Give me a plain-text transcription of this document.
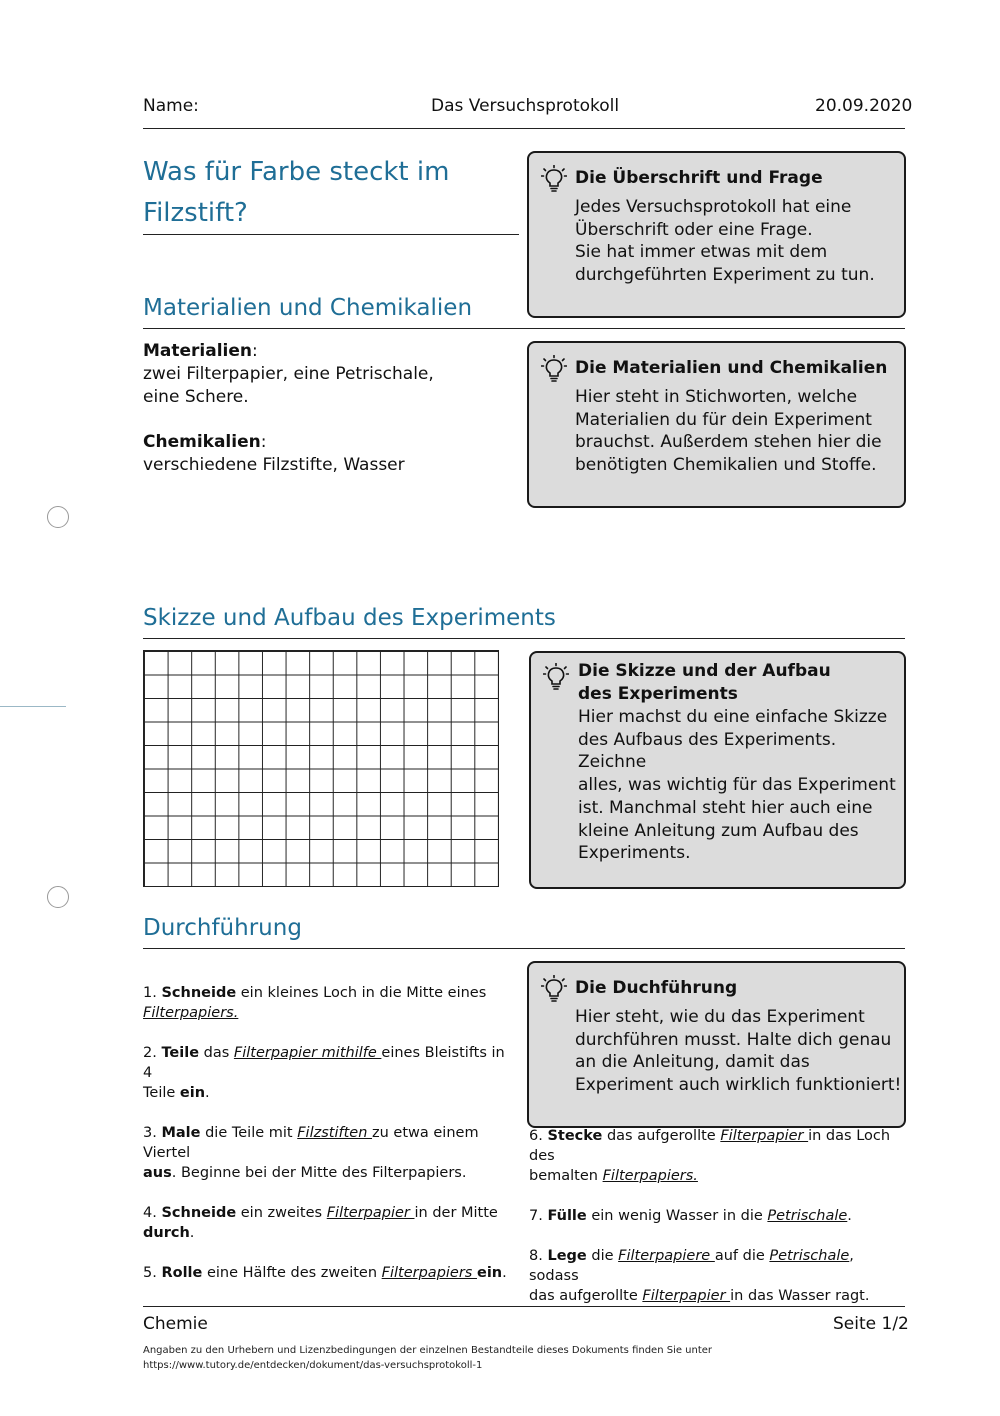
Name:	Das Versuchsprotokoll	20.09.2020
Was für Farbe steckt im Filzstift?
Die Überschrift und Frage
Jedes Versuchsprotokoll hat eine
Überschrift oder eine Frage.
Sie hat immer etwas mit dem
durchgeführten Experiment zu tun.
Materialien und Chemikalien
Materialien:
zwei Filterpapier, eine Petrischale,
eine Schere.
Chemikalien:
verschiedene Filzstifte, Wasser
Die Materialien und Chemikalien
Hier steht in Stichworten, welche
Materialien du für dein Experiment
brauchst. Außerdem stehen hier die
benötigten Chemikalien und Stoffe.
Skizze und Aufbau des Experiments
Die Skizze und der Aufbau
des Experiments
Hier machst du eine einfache Skizze
des Aufbaus des Experiments. Zeichne
alles, was wichtig für das Experiment
ist. Manchmal steht hier auch eine
kleine Anleitung zum Aufbau des
Experiments.
Durchführung
1. Schneide ein kleines Loch in die Mitte eines
Filterpapiers.
2. Teile das Filterpapier mithilfe eines Bleistifts in 4
Teile ein.
3. Male die Teile mit Filzstiften zu etwa einem Viertel
aus. Beginne bei der Mitte des Filterpapiers.
4. Schneide ein zweites Filterpapier in der Mitte
durch.
5. Rolle eine Hälfte des zweiten Filterpapiers ein.
Die Duchführung
Hier steht, wie du das Experiment
durchführen musst. Halte dich genau
an die Anleitung, damit das
Experiment auch wirklich funktioniert!
6. Stecke das aufgerollte Filterpapier in das Loch des
bemalten Filterpapiers.
7. Fülle ein wenig Wasser in die Petrischale.
8. Lege die Filterpapiere auf die Petrischale, sodass
das aufgerollte Filterpapier in das Wasser ragt.
Chemie	Seite 1/2
Angaben zu den Urhebern und Lizenzbedingungen der einzelnen Bestandteile dieses Dokuments finden Sie unter
https://www.tutory.de/entdecken/dokument/das-versuchsprotokoll-1
